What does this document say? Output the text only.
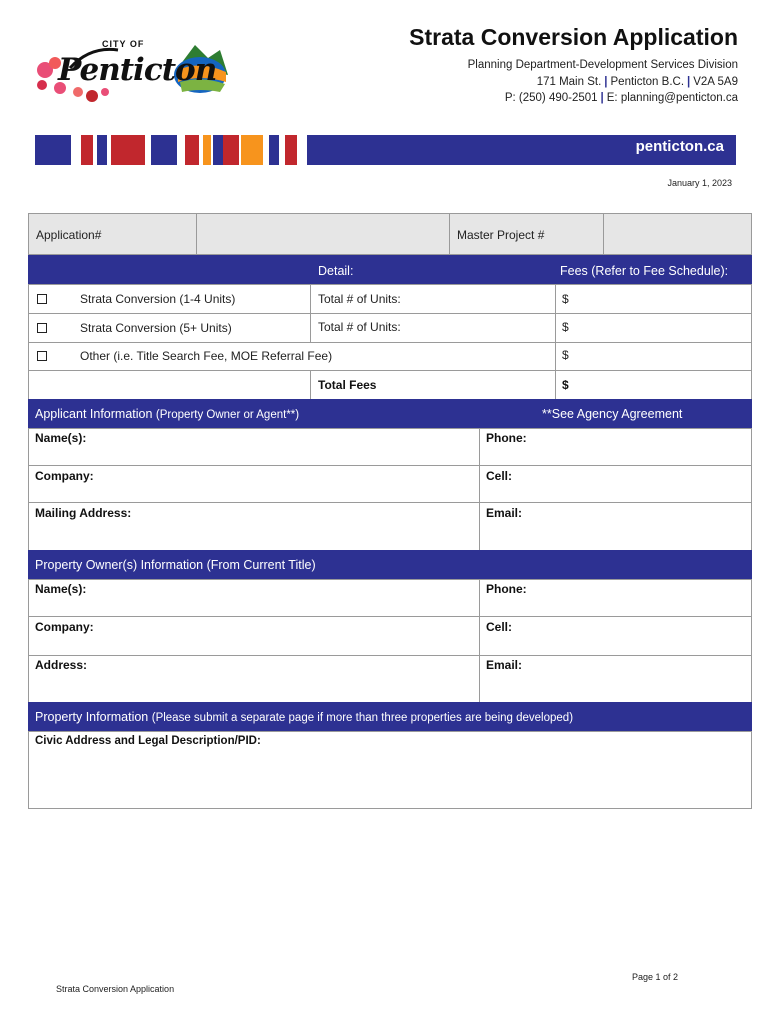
CITY OF
Penticton
Strata Conversion Application
Planning Department-Development Services Division
171 Main St. | Penticton B.C. | V2A 5A9
P: (250) 490-2501 | E: planning@penticton.ca
penticton.ca
January 1, 2023
Application#	Master Project #
Detail:	Fees (Refer to Fee Schedule):
Strata Conversion (1-4 Units)	Total # of Units:	$
Strata Conversion (5+ Units)	Total # of Units:	$
Other (i.e. Title Search Fee, MOE Referral Fee)	$
Total Fees	$
Applicant Information (Property Owner or Agent**)	**See Agency Agreement
Name(s):	Phone:
Company:	Cell:
Mailing Address:	Email:
Property Owner(s) Information (From Current Title)
Name(s):	Phone:
Company:	Cell:
Address:	Email:
Property Information (Please submit a separate page if more than three properties are being developed)
Civic Address and Legal Description/PID:
Page 1 of 2
Strata Conversion Application
